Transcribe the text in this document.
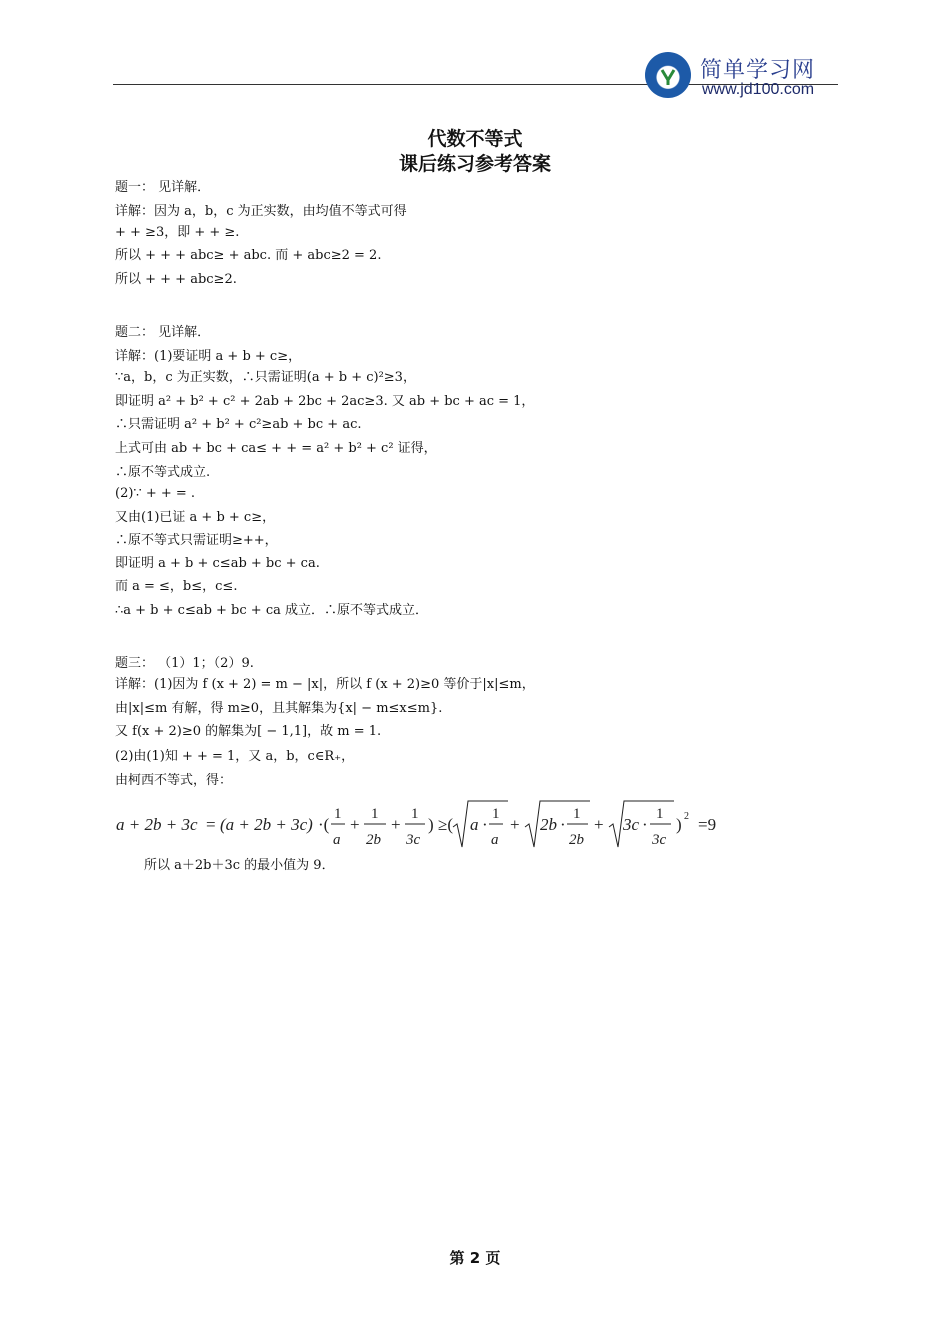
简单学习网
www.jd100.com
代数不等式
课后练习参考答案
题一： 见详解．
详解：因为 a，b，c 为正实数，由均值不等式可得
+ + ≥3，即 + + ≥.
所以 + + + abc≥ + abc. 而 + abc≥2 = 2.
所以 + + + abc≥2.
题二： 见详解．
详解：(1)要证明 a + b + c≥，
∵a，b，c 为正实数，∴只需证明(a + b + c)²≥3，
即证明 a² + b² + c² + 2ab + 2bc + 2ac≥3. 又 ab + bc + ac = 1，
∴只需证明 a² + b² + c²≥ab + bc + ac.
上式可由 ab + bc + ca≤ + + = a² + b² + c² 证得，
∴原不等式成立.
(2)∵ + + = .
又由(1)已证 a + b + c≥，
∴原不等式只需证明≥++，
即证明 a + b + c≤ab + bc + ca.
而 a = ≤，b≤，c≤.
∴a + b + c≤ab + bc + ca 成立．∴原不等式成立．
题三： （1）1；（2）9.
详解：(1)因为 f (x + 2) = m − |x|，所以 f (x + 2)≥0 等价于|x|≤m，
由|x|≤m 有解，得 m≥0，且其解集为{x| − m≤x≤m}.
又 f(x + 2)≥0 的解集为[ − 1,1]，故 m = 1.
(2)由(1)知 + + = 1，又 a，b，c∈R₊，
由柯西不等式，得：
a + 2b + 3c = (a + 2b + 3c) ·(
1
a
+
1
2b
+
1
3c
) ≥( a ·
1
a
+ 2b ·
1
2b
+ 3c ·
1
3c
) 2 =9
所以 a＋2b＋3c 的最小值为 9．
第 2 页
